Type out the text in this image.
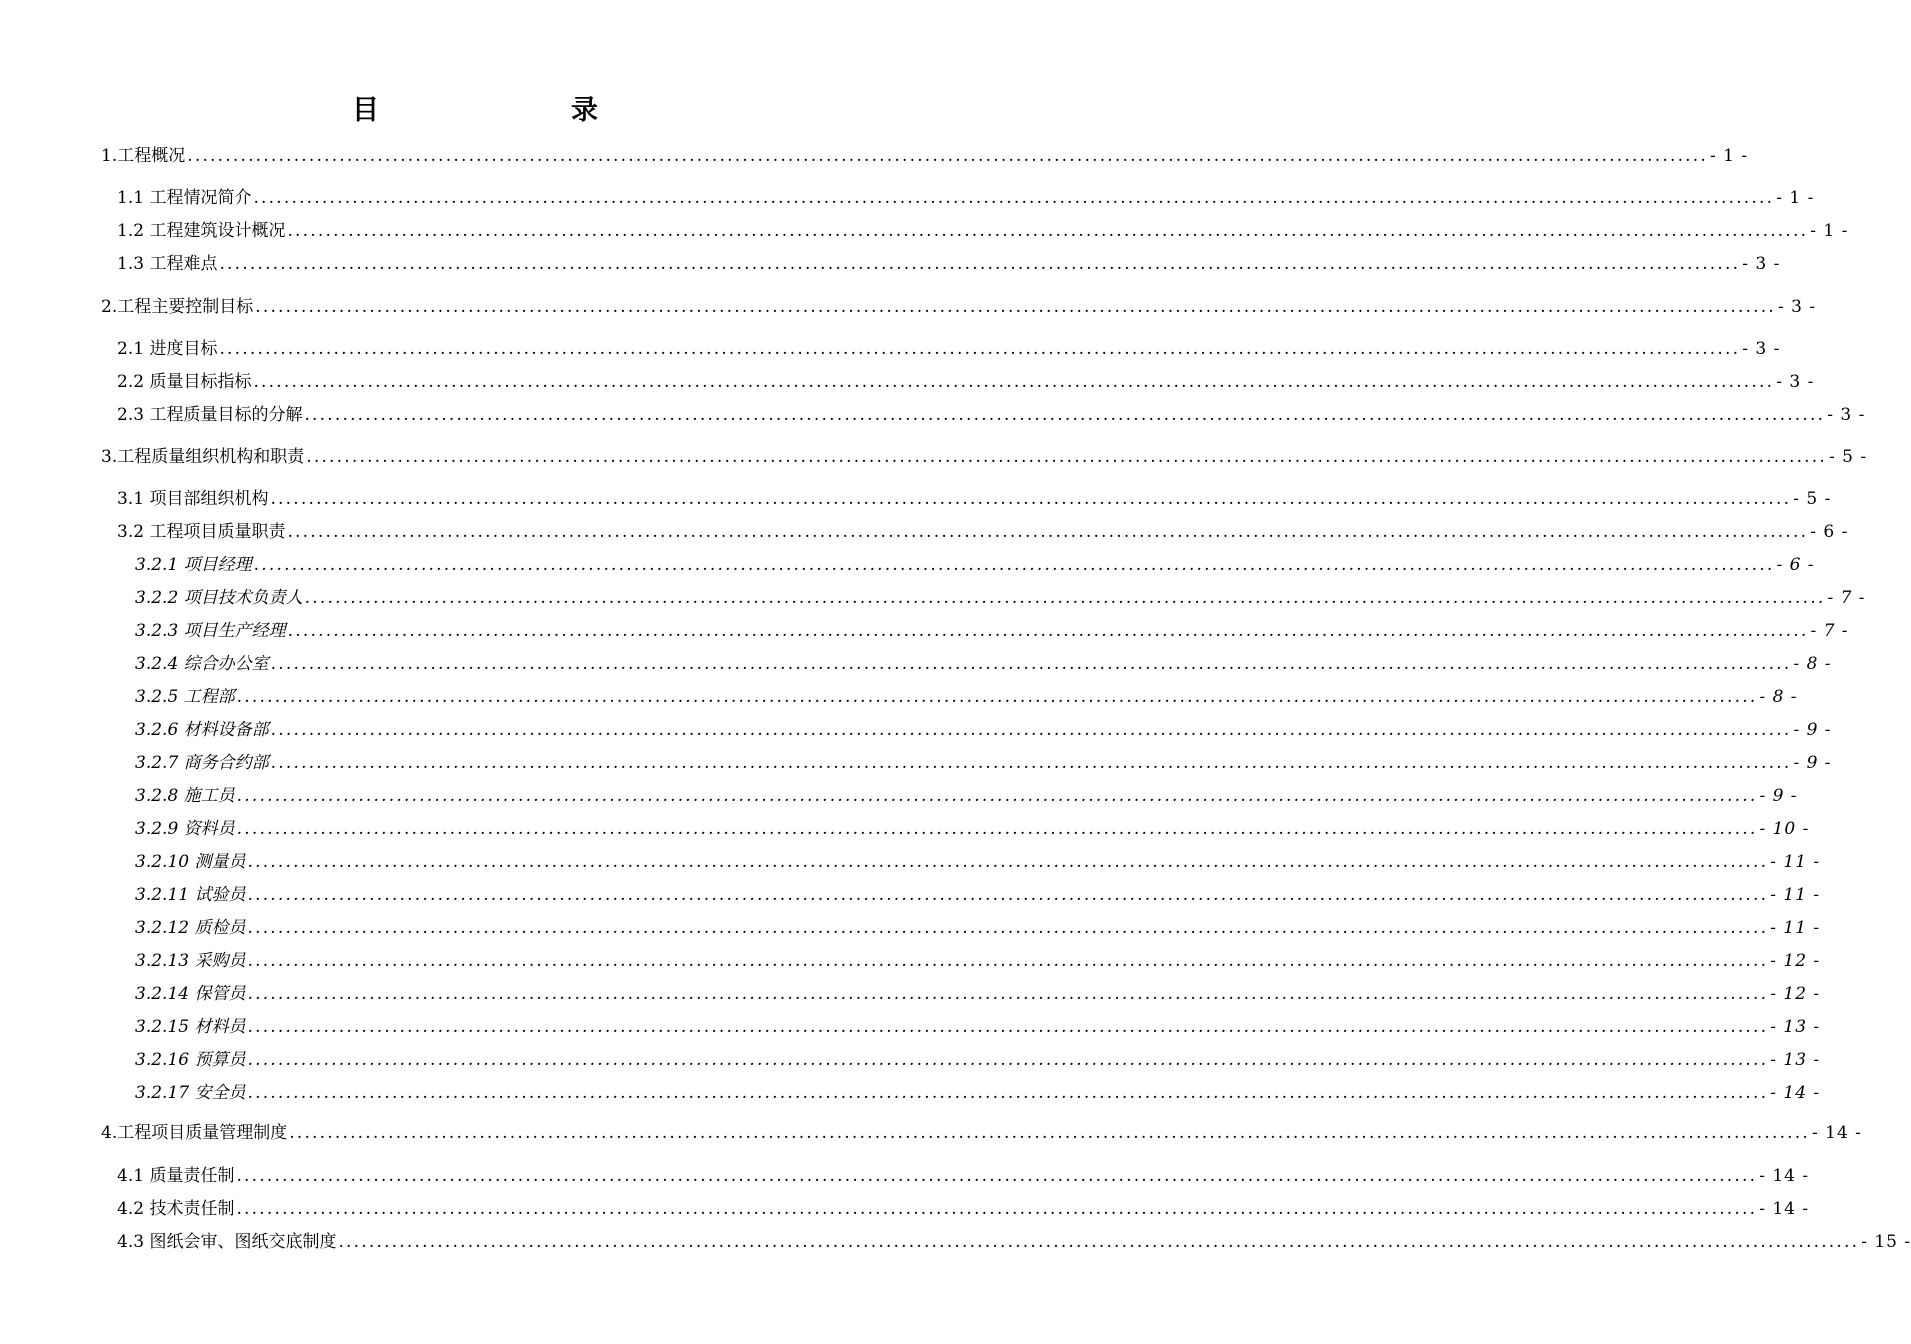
目　　录
1.工程概况 ........................................................................................................................................................................................................ - 1 -
1.1 工程情况简介 ........................................................................................................................................................................................................ - 1 -
1.2 工程建筑设计概况 ........................................................................................................................................................................................................ - 1 -
1.3 工程难点 ........................................................................................................................................................................................................ - 3 -
2.工程主要控制目标 ........................................................................................................................................................................................................ - 3 -
2.1 进度目标 ........................................................................................................................................................................................................ - 3 -
2.2 质量目标指标 ........................................................................................................................................................................................................ - 3 -
2.3 工程质量目标的分解 ........................................................................................................................................................................................................ - 3 -
3.工程质量组织机构和职责 ........................................................................................................................................................................................................ - 5 -
3.1 项目部组织机构 ........................................................................................................................................................................................................ - 5 -
3.2 工程项目质量职责 ........................................................................................................................................................................................................ - 6 -
3.2.1 项目经理 ........................................................................................................................................................................................................ - 6 -
3.2.2 项目技术负责人 ........................................................................................................................................................................................................ - 7 -
3.2.3 项目生产经理 ........................................................................................................................................................................................................ - 7 -
3.2.4 综合办公室 ........................................................................................................................................................................................................ - 8 -
3.2.5 工程部 ........................................................................................................................................................................................................ - 8 -
3.2.6 材料设备部 ........................................................................................................................................................................................................ - 9 -
3.2.7 商务合约部 ........................................................................................................................................................................................................ - 9 -
3.2.8 施工员 ........................................................................................................................................................................................................ - 9 -
3.2.9 资料员 ........................................................................................................................................................................................................ - 10 -
3.2.10 测量员 ........................................................................................................................................................................................................ - 11 -
3.2.11 试验员 ........................................................................................................................................................................................................ - 11 -
3.2.12 质检员 ........................................................................................................................................................................................................ - 11 -
3.2.13 采购员 ........................................................................................................................................................................................................ - 12 -
3.2.14 保管员 ........................................................................................................................................................................................................ - 12 -
3.2.15 材料员 ........................................................................................................................................................................................................ - 13 -
3.2.16 预算员 ........................................................................................................................................................................................................ - 13 -
3.2.17 安全员 ........................................................................................................................................................................................................ - 14 -
4.工程项目质量管理制度 ........................................................................................................................................................................................................ - 14 -
4.1 质量责任制 ........................................................................................................................................................................................................ - 14 -
4.2 技术责任制 ........................................................................................................................................................................................................ - 14 -
4.3 图纸会审、图纸交底制度 ........................................................................................................................................................................................................ - 15 -
